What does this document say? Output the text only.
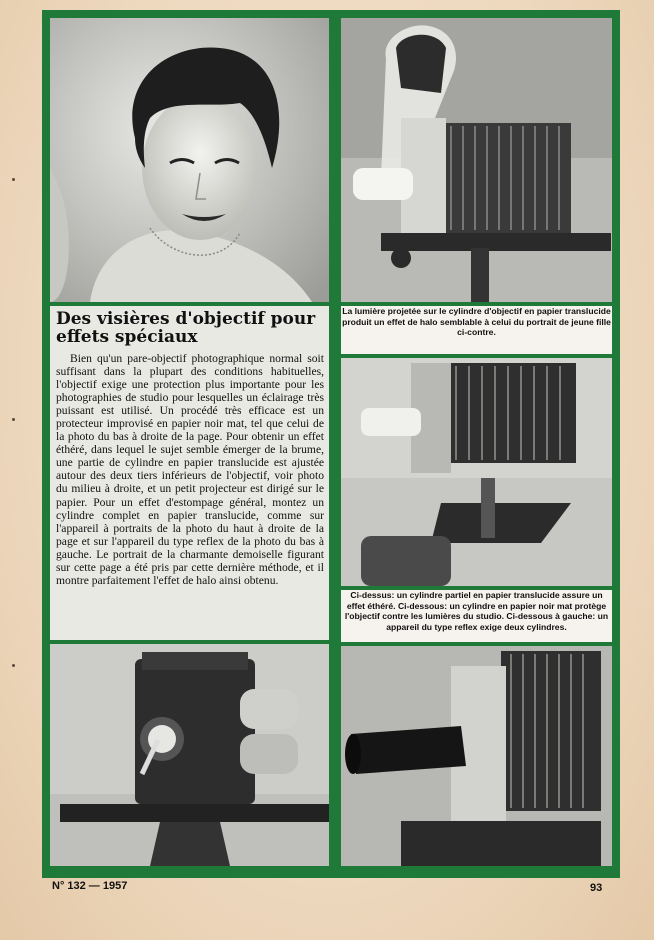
La lumière projetée sur le cylindre d'objectif en papier translucide produit un effet de halo semblable à celui du portrait de jeune fille ci-contre.
Des visières d'objectif pour effets spéciaux

Bien qu'un pare-objectif photographique normal soit suffisant dans la plupart des conditions habituelles, l'objectif exige une protection plus importante pour les photographies de studio pour lesquelles un éclairage très puissant est utilisé. Un procédé très efficace est un protecteur improvisé en papier noir mat, tel que celui de la photo du bas à droite de la page. Pour obtenir un effet éthéré, dans lequel le sujet semble émerger de la brume, une partie de cylindre en papier translucide est ajustée autour des deux tiers inférieurs de l'objectif, voir photo du milieu à droite, et un petit projecteur est dirigé sur le papier. Pour un effet d'estompage général, montez un cylindre complet en papier translucide, comme sur l'appareil à portraits de la photo du haut à droite de la page et sur l'appareil du type reflex de la photo du bas à gauche. Le portrait de la charmante demoiselle figurant sur cette page a été pris par cette dernière méthode, et il montre parfaitement l'effet de halo ainsi obtenu.

Ci-dessus: un cylindre partiel en papier translucide assure un effet éthéré. Ci-dessous: un cylindre en papier noir mat protège l'objectif contre les lumières du studio. Ci-dessous à gauche: un appareil du type reflex exige deux cylindres.
N° 132 — 1957	93
